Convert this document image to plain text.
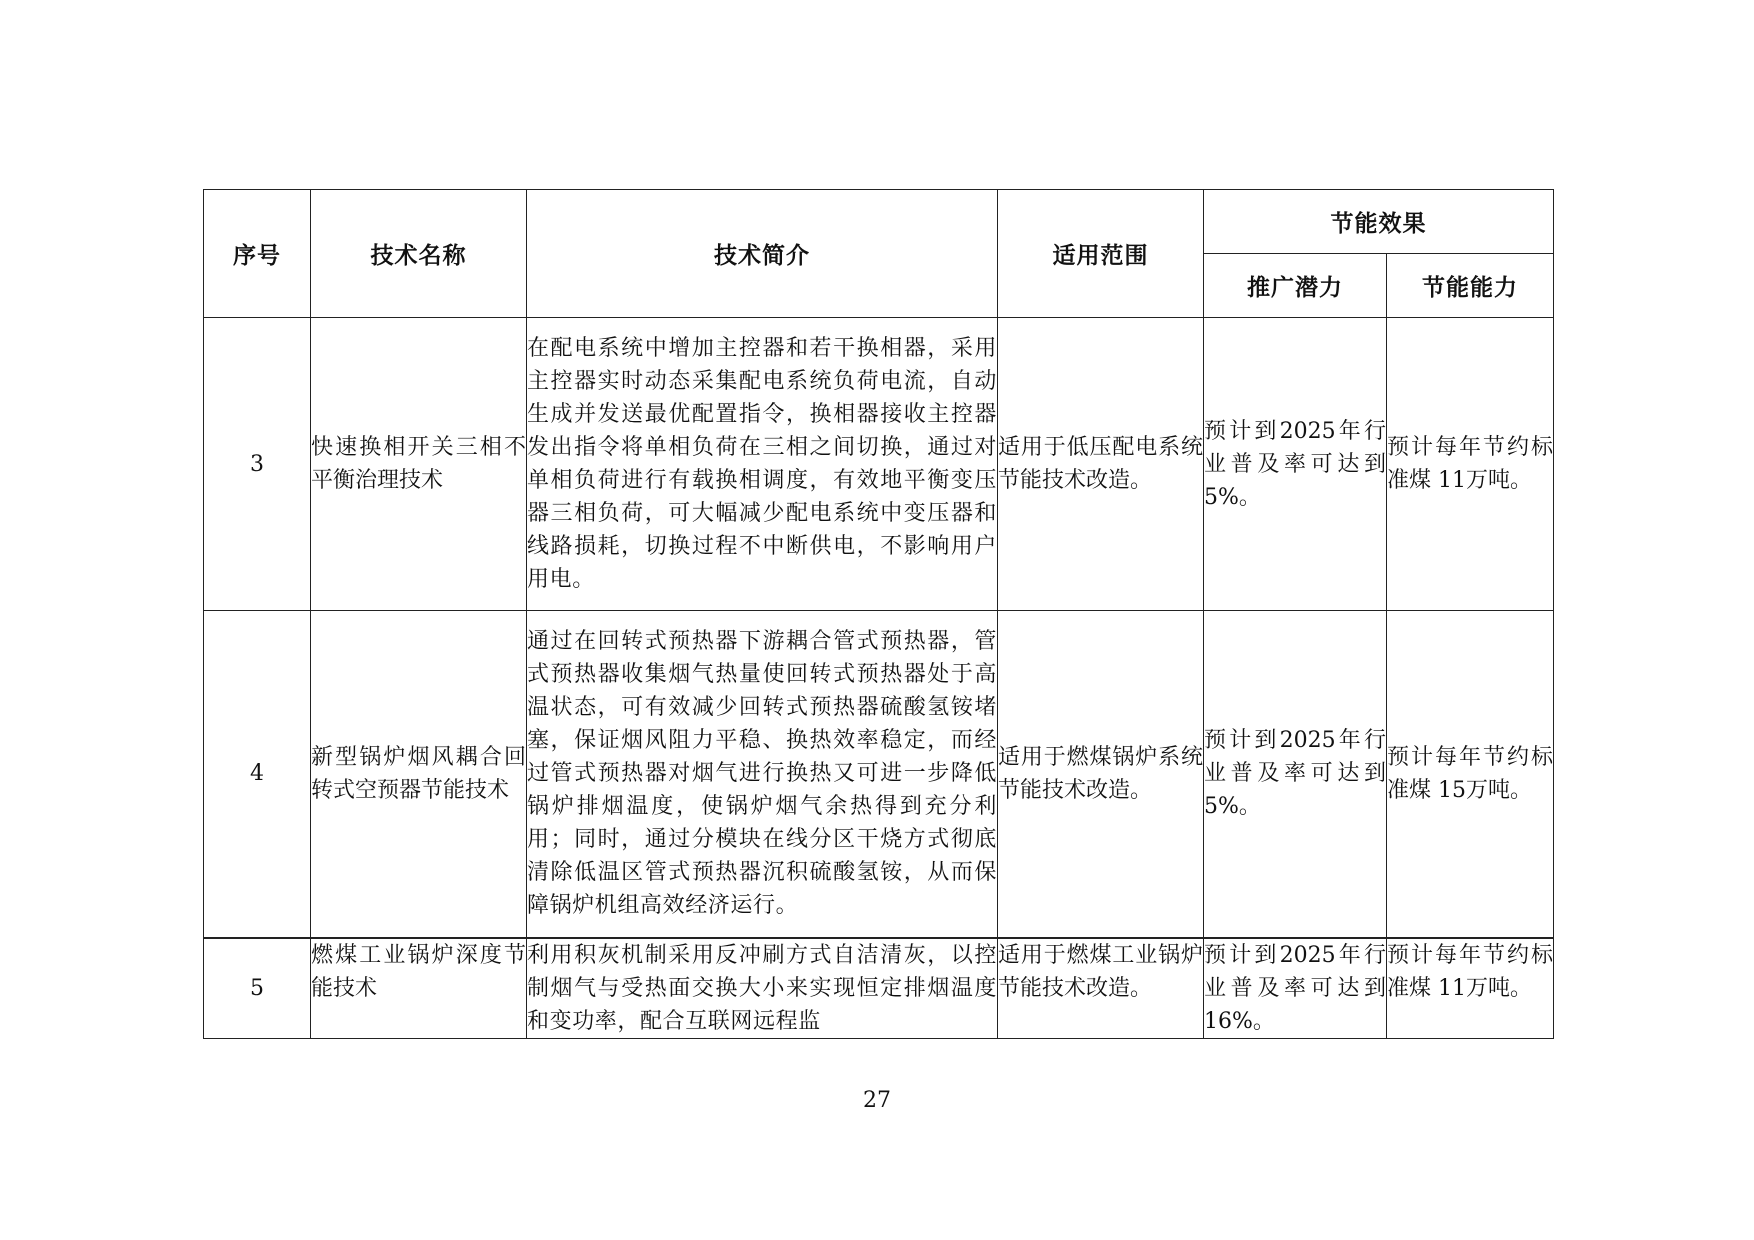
序号	技术名称	技术简介	适用范围	节能效果	
				推广潜力	节能能力
3	快速换相开关三相不平衡治理技术	在配电系统中增加主控器和若干换相器，采用主控器实时动态采集配电系统负荷电流，自动生成并发送最优配置指令，换相器接收主控器发出指令将单相负荷在三相之间切换，通过对单相负荷进行有载换相调度，有效地平衡变压器三相负荷，可大幅减少配电系统中变压器和线路损耗，切换过程不中断供电，不影响用户用电。	适用于低压配电系统节能技术改造。	预计到2025年行业普及率可达到5%。	预计每年节约标准煤 11万吨。
4	新型锅炉烟风耦合回转式空预器节能技术	通过在回转式预热器下游耦合管式预热器，管式预热器收集烟气热量使回转式预热器处于高温状态，可有效减少回转式预热器硫酸氢铵堵塞，保证烟风阻力平稳、换热效率稳定，而经过管式预热器对烟气进行换热又可进一步降低锅炉排烟温度，使锅炉烟气余热得到充分利用；同时，通过分模块在线分区干烧方式彻底清除低温区管式预热器沉积硫酸氢铵，从而保障锅炉机组高效经济运行。	适用于燃煤锅炉系统节能技术改造。	预计到2025年行业普及率可达到5%。	预计每年节约标准煤 15万吨。
5	燃煤工业锅炉深度节能技术	利用积灰机制采用反冲刷方式自洁清灰，以控制烟气与受热面交换大小来实现恒定排烟温度和变功率，配合互联网远程监	适用于燃煤工业锅炉节能技术改造。	预计到2025年行业普及率可达到16%。	预计每年节约标准煤 11万吨。
27
